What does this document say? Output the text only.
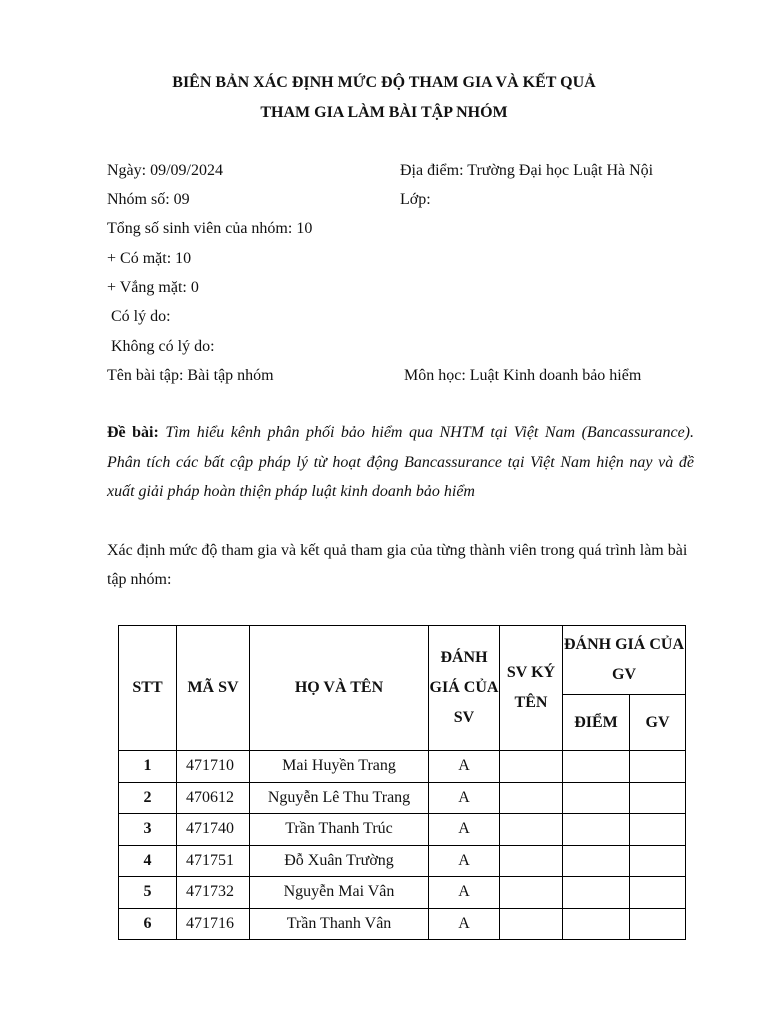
BIÊN BẢN XÁC ĐỊNH MỨC ĐỘ THAM GIA VÀ KẾT QUẢ
THAM GIA LÀM BÀI TẬP NHÓM
Ngày: 09/09/2024	Địa điểm: Trường Đại học Luật Hà Nội
Nhóm số: 09	Lớp:
Tổng số sinh viên của nhóm: 10
+ Có mặt: 10
+ Vắng mặt: 0
Có lý do:
Không có lý do:
Tên bài tập: Bài tập nhóm	Môn học: Luật Kinh doanh bảo hiểm
Đề bài: Tìm hiểu kênh phân phối bảo hiểm qua NHTM tại Việt Nam (Bancassurance). Phân tích các bất cập pháp lý từ hoạt động Bancassurance tại Việt Nam hiện nay và đề xuất giải pháp hoàn thiện pháp luật kinh doanh bảo hiểm
Xác định mức độ tham gia và kết quả tham gia của từng thành viên trong quá trình làm bài tập nhóm:
STT	MÃ SV	HỌ VÀ TÊN	ĐÁNH GIÁ CỦA SV	SV KÝ TÊN	ĐÁNH GIÁ CỦA GV	
					ĐIỂM	GV
1	471710	Mai Huyền Trang	A			
2	470612	Nguyễn Lê Thu Trang	A			
3	471740	Trần Thanh Trúc	A			
4	471751	Đỗ Xuân Trường	A			
5	471732	Nguyễn Mai Vân	A			
6	471716	Trần Thanh Vân	A			
